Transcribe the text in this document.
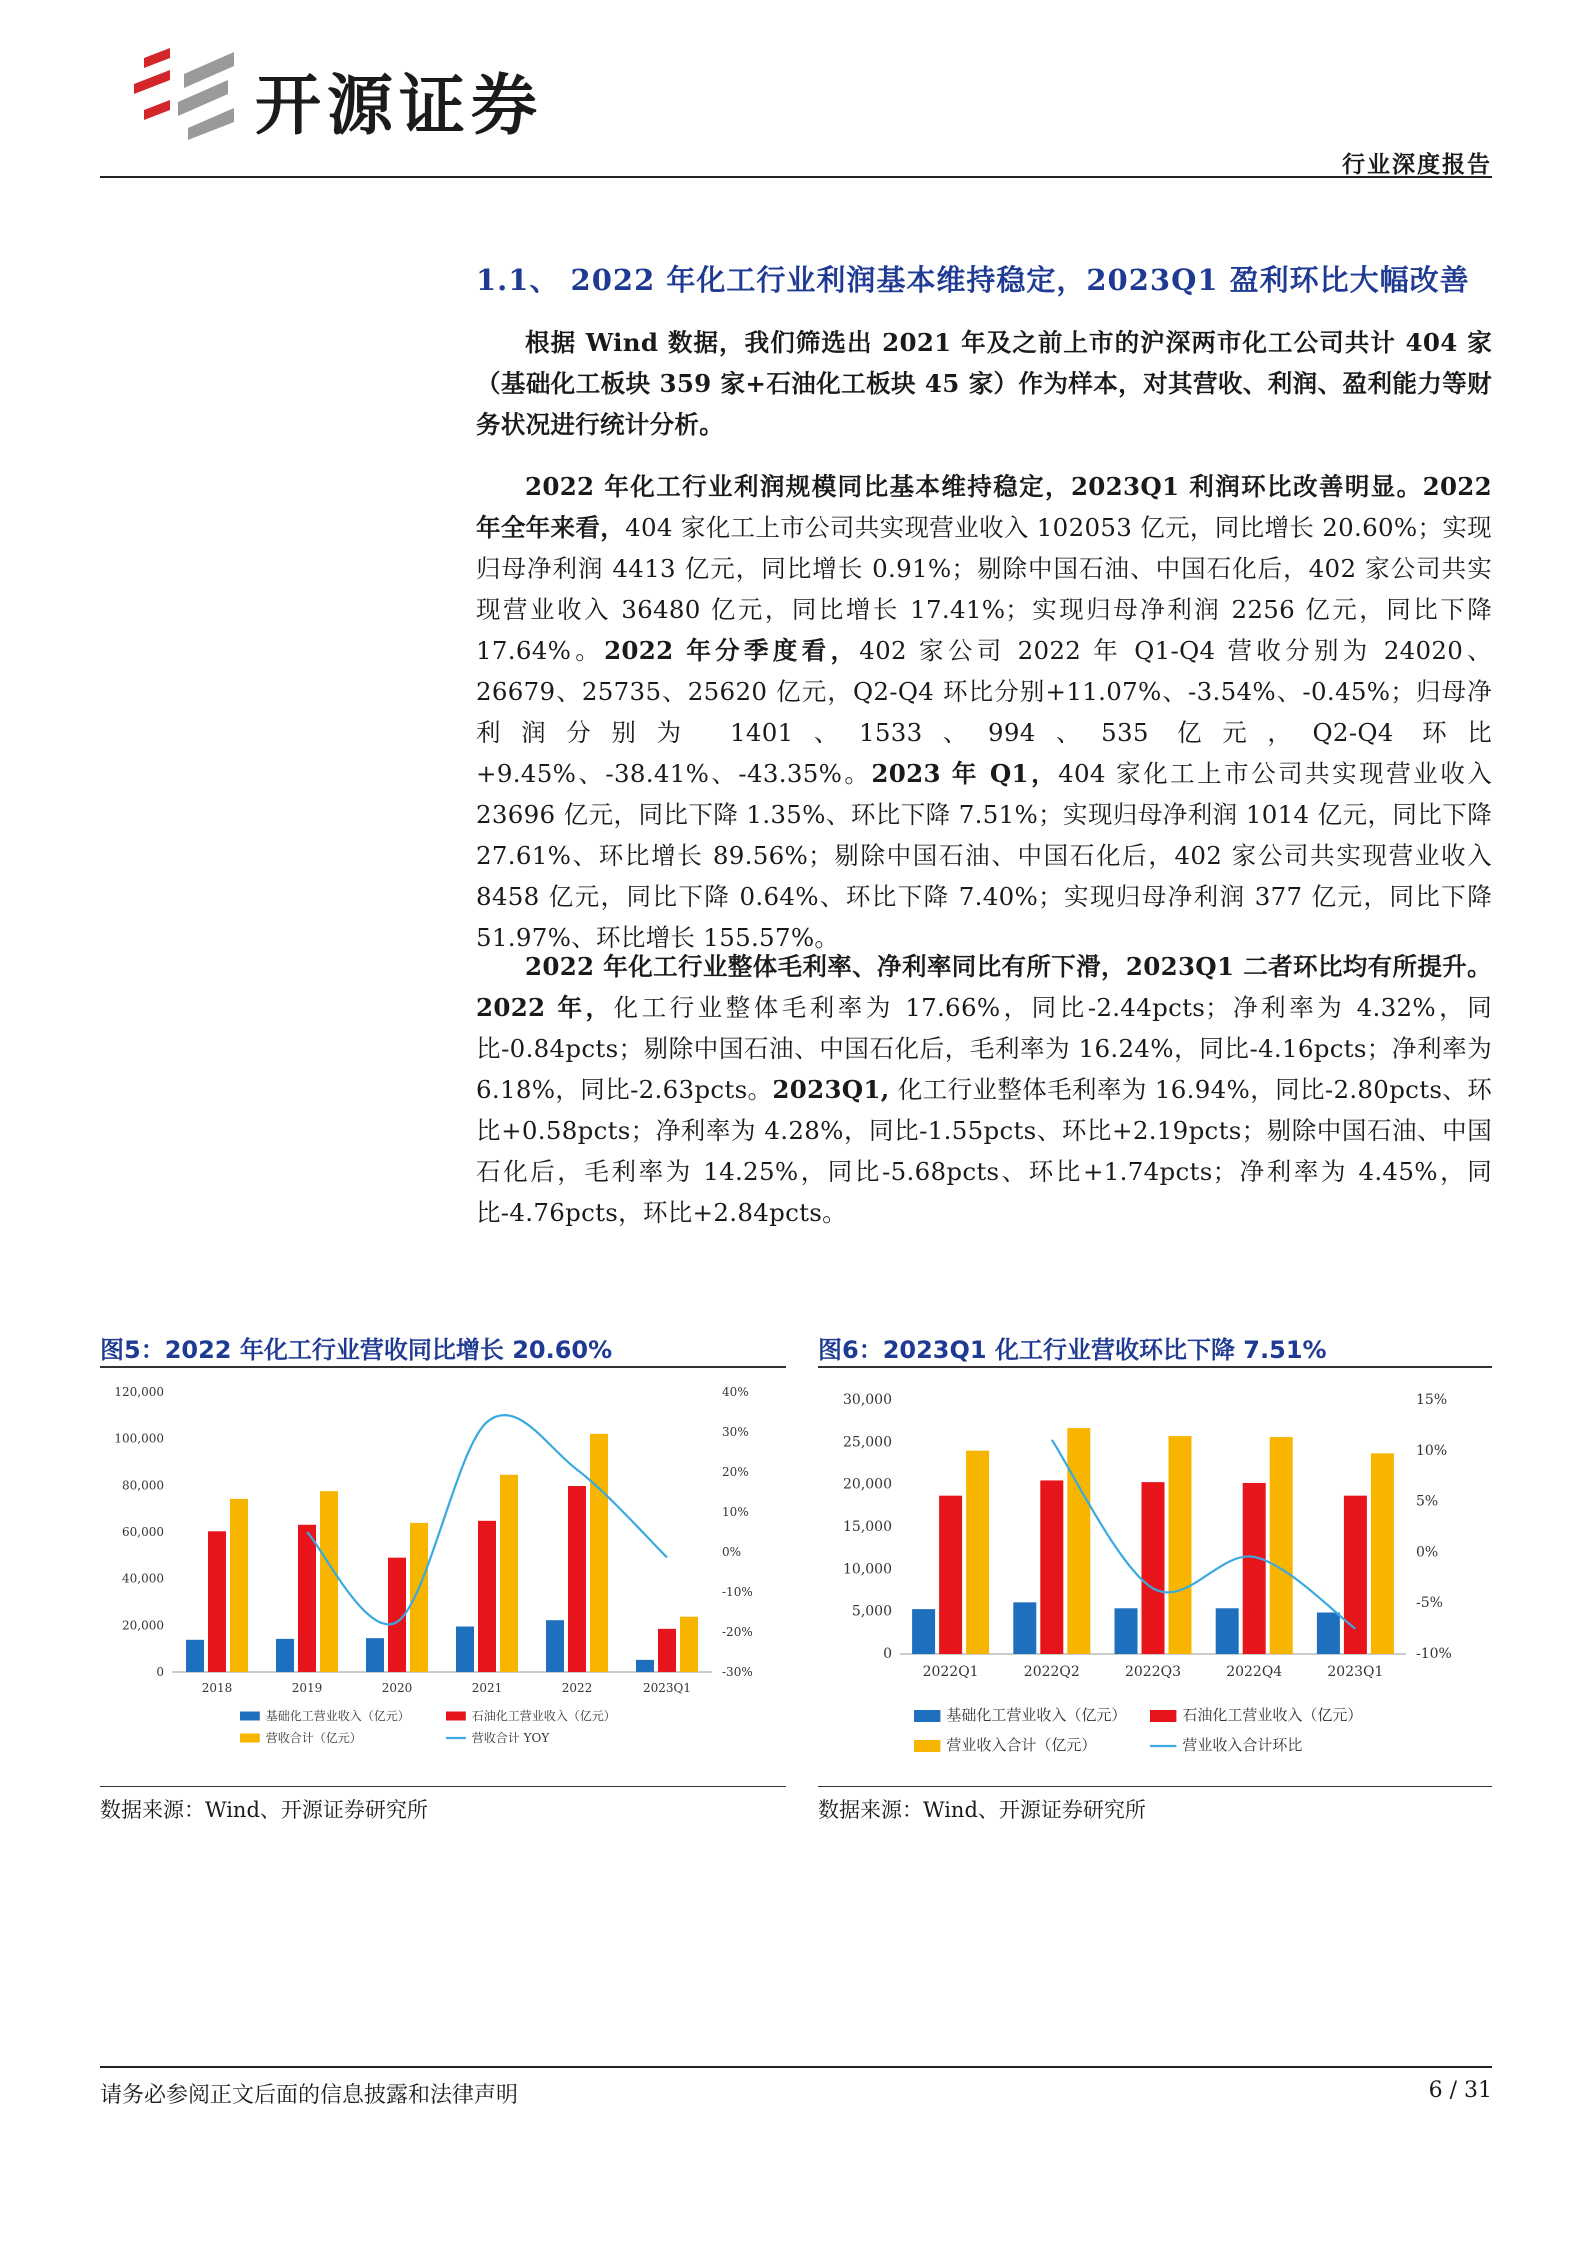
开源证券
行业深度报告
1.1、 2022 年化工行业利润基本维持稳定，2023Q1 盈利环比大幅改善

根据 Wind 数据，我们筛选出 2021 年及之前上市的沪深两市化工公司共计 404 家（基础化工板块 359 家+石油化工板块 45 家）作为样本，对其营收、利润、盈利能力等财务状况进行统计分析。

2022 年化工行业利润规模同比基本维持稳定，2023Q1 利润环比改善明显。2022 年全年来看，404 家化工上市公司共实现营业收入 102053 亿元，同比增长 20.60%；实现归母净利润 4413 亿元，同比增长 0.91%；剔除中国石油、中国石化后，402 家公司共实现营业收入 36480 亿元，同比增长 17.41%；实现归母净利润 2256 亿元，同比下降 17.64%。2022 年分季度看，402 家公司 2022 年 Q1-Q4 营收分别为 24020、26679、25735、25620 亿元，Q2-Q4 环比分别+11.07%、-3.54%、-0.45%；归母净利润分别为 1401、1533、994、535 亿元，Q2-Q4 环比+9.45%、-38.41%、-43.35%。2023 年 Q1，404 家化工上市公司共实现营业收入 23696 亿元，同比下降 1.35%、环比下降 7.51%；实现归母净利润 1014 亿元，同比下降 27.61%、环比增长 89.56%；剔除中国石油、中国石化后，402 家公司共实现营业收入 8458 亿元，同比下降 0.64%、环比下降 7.40%；实现归母净利润 377 亿元，同比下降 51.97%、环比增长 155.57%。

2022 年化工行业整体毛利率、净利率同比有所下滑，2023Q1 二者环比均有所提升。2022 年，化工行业整体毛利率为 17.66%，同比-2.44pcts；净利率为 4.32%，同比-0.84pcts；剔除中国石油、中国石化后，毛利率为 16.24%，同比-4.16pcts；净利率为 6.18%，同比-2.63pcts。2023Q1, 化工行业整体毛利率为 16.94%，同比-2.80pcts、环比+0.58pcts；净利率为 4.28%，同比-1.55pcts、环比+2.19pcts；剔除中国石油、中国石化后，毛利率为 14.25%，同比-5.68pcts、环比+1.74pcts；净利率为 4.45%，同比-4.76pcts，环比+2.84pcts。

图5：2022 年化工行业营收同比增长 20.60%
0
20,000
40,000
60,000
80,000
100,000
120,000
-30%
-20%
-10%
0%
10%
20%
30%
40%
2018	2019	2020	2021	2022	2023Q1
基础化工营业收入（亿元）	石油化工营业收入（亿元）
营收合计（亿元）	营收合计 YOY
数据来源：Wind、开源证券研究所
图6：2023Q1 化工行业营收环比下降 7.51%
0
5,000
10,000
15,000
20,000
25,000
30,000
-10%
-5%
0%
5%
10%
15%
2022Q1	2022Q2	2022Q3	2022Q4	2023Q1
基础化工营业收入（亿元）	石油化工营业收入（亿元）
营业收入合计（亿元）	营业收入合计环比
数据来源：Wind、开源证券研究所
请务必参阅正文后面的信息披露和法律声明	6 / 31
